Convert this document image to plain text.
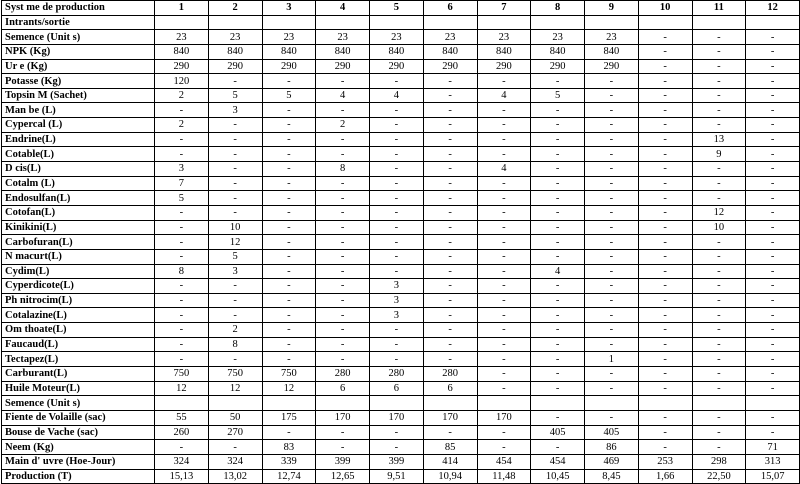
Syst me de production	1	2	3	4	5	6	7	8	9	10	11	12
Intrants/sortie												
Semence (Unit s)	23	23	23	23	23	23	23	23	23	-	-	-
NPK (Kg)	840	840	840	840	840	840	840	840	840	-	-	-
Ur e (Kg)	290	290	290	290	290	290	290	290	290	-	-	-
Potasse (Kg)	120	-	-	-	-	-	-	-	-	-	-	-
Topsin M (Sachet)	2	5	5	4	4	-	4	5	-	-	-	-
Man be (L)	-	3	-	-	-	-	-	-	-	-	-	-
Cypercal (L)	2	-	-	2	-	-	-	-	-	-	-	-
Endrine(L)	-	-	-	-	-	-	-	-	-	-	13	-
Cotable(L)	-	-	-	-	-	-	-	-	-	-	9	-
D cis(L)	3	-	-	8	-	-	4	-	-	-	-	-
Cotalm (L)	7	-	-	-	-	-	-	-	-	-	-	-
Endosulfan(L)	5	-	-	-	-	-	-	-	-	-	-	-
Cotofan(L)	-	-	-	-	-	-	-	-	-	-	12	-
Kinikini(L)	-	10	-	-	-	-	-	-	-	-	10	-
Carbofuran(L)	-	12	-	-	-	-	-	-	-	-	-	-
N macurt(L)	-	5	-	-	-	-	-	-	-	-	-	-
Cydim(L)	8	3	-	-	-	-	-	4	-	-	-	-
Cyperdicote(L)	-	-	-	-	3	-	-	-	-	-	-	-
Ph nitrocim(L)	-	-	-	-	3	-	-	-	-	-	-	-
Cotalazine(L)	-	-	-	-	3	-	-	-	-	-	-	-
Om thoate(L)	-	2	-	-	-	-	-	-	-	-	-	-
Faucaud(L)	-	8	-	-	-	-	-	-	-	-	-	-
Tectapez(L)	-	-	-	-	-	-	-	-	1	-	-	-
Carburant(L)	750	750	750	280	280	280	-	-	-	-	-	-
Huile Moteur(L)	12	12	12	6	6	6	-	-	-	-	-	-
Semence (Unit s)												
Fiente de Volaille (sac)	55	50	175	170	170	170	170	-	-	-	-	-
Bouse de Vache (sac)	260	270	-	-	-	-	-	405	405	-	-	-
Neem (Kg)	-	-	83	-	-	85	-	-	86	-	-	71
Main d' uvre (Hoe-Jour)	324	324	339	399	399	414	454	454	469	253	298	313
Production (T)	15,13	13,02	12,74	12,65	9,51	10,94	11,48	10,45	8,45	1,66	22,50	15,07
